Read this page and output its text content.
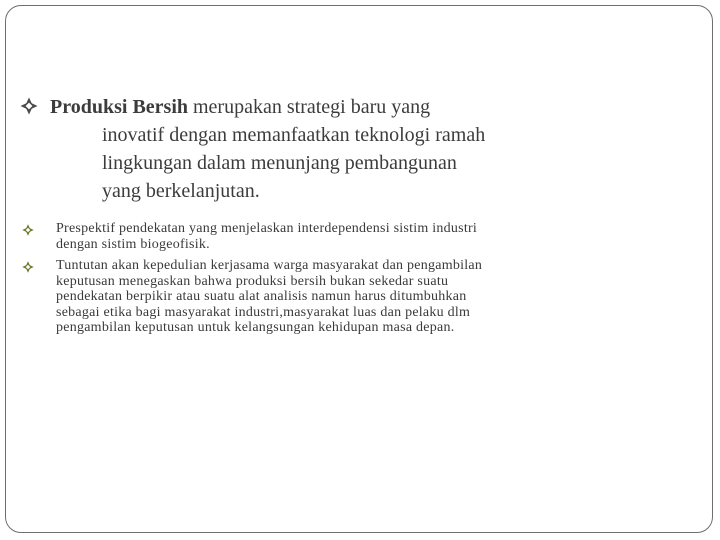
Produksi Bersih merupakan strategi baru yang inovatif dengan memanfaatkan teknologi ramah lingkungan dalam menunjang pembangunan yang berkelanjutan.
Prespektif pendekatan yang menjelaskan interdependensi sistim industri dengan sistim biogeofisik.
Tuntutan akan kepedulian kerjasama warga masyarakat dan pengambilan keputusan menegaskan bahwa produksi bersih bukan sekedar suatu pendekatan berpikir atau suatu alat analisis namun harus ditumbuhkan sebagai etika bagi masyarakat industri,masyarakat luas dan pelaku dlm pengambilan keputusan untuk kelangsungan kehidupan masa depan.
